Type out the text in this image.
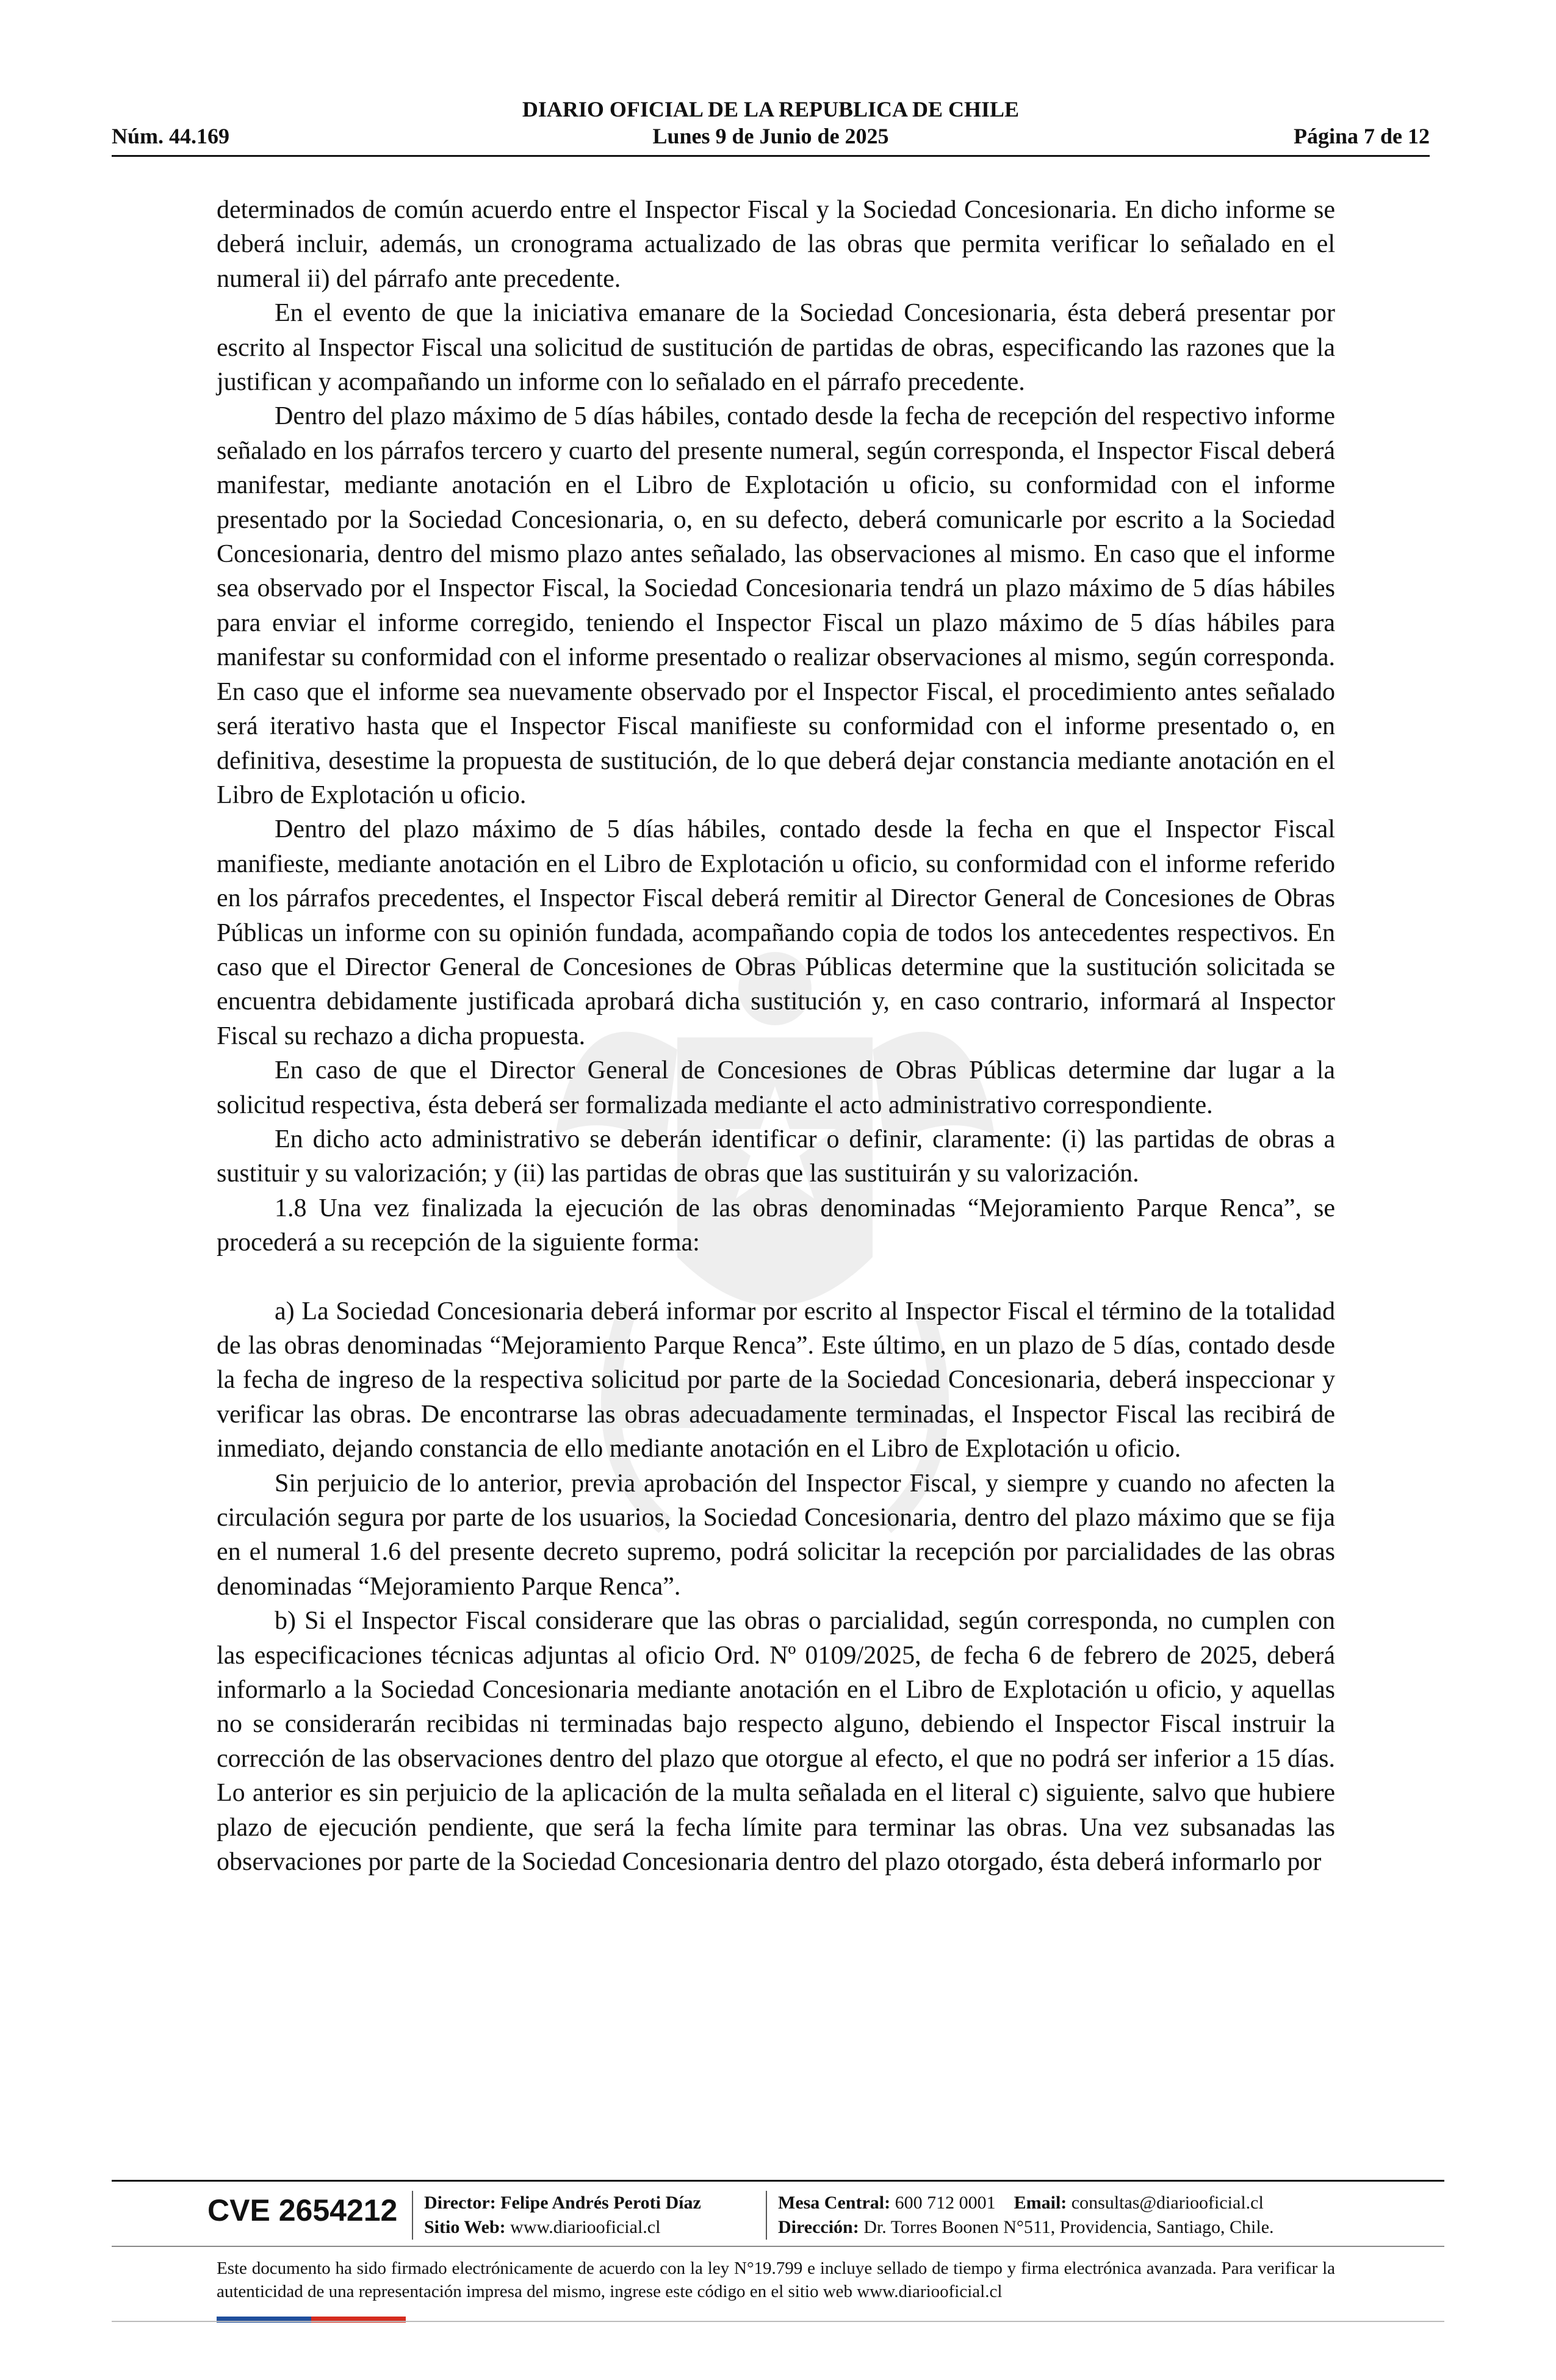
DIARIO OFICIAL DE LA REPUBLICA DE CHILE
Núm. 44.169	Lunes 9 de Junio de 2025	Página 7 de 12

determinados de común acuerdo entre el Inspector Fiscal y la Sociedad Concesionaria. En dicho informe se deberá incluir, además, un cronograma actualizado de las obras que permita verificar lo señalado en el numeral ii) del párrafo ante precedente.

En el evento de que la iniciativa emanare de la Sociedad Concesionaria, ésta deberá presentar por escrito al Inspector Fiscal una solicitud de sustitución de partidas de obras, especificando las razones que la justifican y acompañando un informe con lo señalado en el párrafo precedente.

Dentro del plazo máximo de 5 días hábiles, contado desde la fecha de recepción del respectivo informe señalado en los párrafos tercero y cuarto del presente numeral, según corresponda, el Inspector Fiscal deberá manifestar, mediante anotación en el Libro de Explotación u oficio, su conformidad con el informe presentado por la Sociedad Concesionaria, o, en su defecto, deberá comunicarle por escrito a la Sociedad Concesionaria, dentro del mismo plazo antes señalado, las observaciones al mismo. En caso que el informe sea observado por el Inspector Fiscal, la Sociedad Concesionaria tendrá un plazo máximo de 5 días hábiles para enviar el informe corregido, teniendo el Inspector Fiscal un plazo máximo de 5 días hábiles para manifestar su conformidad con el informe presentado o realizar observaciones al mismo, según corresponda. En caso que el informe sea nuevamente observado por el Inspector Fiscal, el procedimiento antes señalado será iterativo hasta que el Inspector Fiscal manifieste su conformidad con el informe presentado o, en definitiva, desestime la propuesta de sustitución, de lo que deberá dejar constancia mediante anotación en el Libro de Explotación u oficio.

Dentro del plazo máximo de 5 días hábiles, contado desde la fecha en que el Inspector Fiscal manifieste, mediante anotación en el Libro de Explotación u oficio, su conformidad con el informe referido en los párrafos precedentes, el Inspector Fiscal deberá remitir al Director General de Concesiones de Obras Públicas un informe con su opinión fundada, acompañando copia de todos los antecedentes respectivos. En caso que el Director General de Concesiones de Obras Públicas determine que la sustitución solicitada se encuentra debidamente justificada aprobará dicha sustitución y, en caso contrario, informará al Inspector Fiscal su rechazo a dicha propuesta.

En caso de que el Director General de Concesiones de Obras Públicas determine dar lugar a la solicitud respectiva, ésta deberá ser formalizada mediante el acto administrativo correspondiente.

En dicho acto administrativo se deberán identificar o definir, claramente: (i) las partidas de obras a sustituir y su valorización; y (ii) las partidas de obras que las sustituirán y su valorización.

1.8 Una vez finalizada la ejecución de las obras denominadas “Mejoramiento Parque Renca”, se procederá a su recepción de la siguiente forma:

a) La Sociedad Concesionaria deberá informar por escrito al Inspector Fiscal el término de la totalidad de las obras denominadas “Mejoramiento Parque Renca”. Este último, en un plazo de 5 días, contado desde la fecha de ingreso de la respectiva solicitud por parte de la Sociedad Concesionaria, deberá inspeccionar y verificar las obras. De encontrarse las obras adecuadamente terminadas, el Inspector Fiscal las recibirá de inmediato, dejando constancia de ello mediante anotación en el Libro de Explotación u oficio.

Sin perjuicio de lo anterior, previa aprobación del Inspector Fiscal, y siempre y cuando no afecten la circulación segura por parte de los usuarios, la Sociedad Concesionaria, dentro del plazo máximo que se fija en el numeral 1.6 del presente decreto supremo, podrá solicitar la recepción por parcialidades de las obras denominadas “Mejoramiento Parque Renca”.

b) Si el Inspector Fiscal considerare que las obras o parcialidad, según corresponda, no cumplen con las especificaciones técnicas adjuntas al oficio Ord. Nº 0109/2025, de fecha 6 de febrero de 2025, deberá informarlo a la Sociedad Concesionaria mediante anotación en el Libro de Explotación u oficio, y aquellas no se considerarán recibidas ni terminadas bajo respecto alguno, debiendo el Inspector Fiscal instruir la corrección de las observaciones dentro del plazo que otorgue al efecto, el que no podrá ser inferior a 15 días. Lo anterior es sin perjuicio de la aplicación de la multa señalada en el literal c) siguiente, salvo que hubiere plazo de ejecución pendiente, que será la fecha límite para terminar las obras. Una vez subsanadas las observaciones por parte de la Sociedad Concesionaria dentro del plazo otorgado, ésta deberá informarlo por

CVE 2654212 Director: Felipe Andrés Peroti Díaz
Sitio Web: www.diariooficial.cl
Mesa Central: 600 712 0001 Email: consultas@diariooficial.cl
Dirección: Dr. Torres Boonen N°511, Providencia, Santiago, Chile.
Este documento ha sido firmado electrónicamente de acuerdo con la ley N°19.799 e incluye sellado de tiempo y firma electrónica avanzada. Para verificar la autenticidad de una representación impresa del mismo, ingrese este código en el sitio web www.diariooficial.cl
